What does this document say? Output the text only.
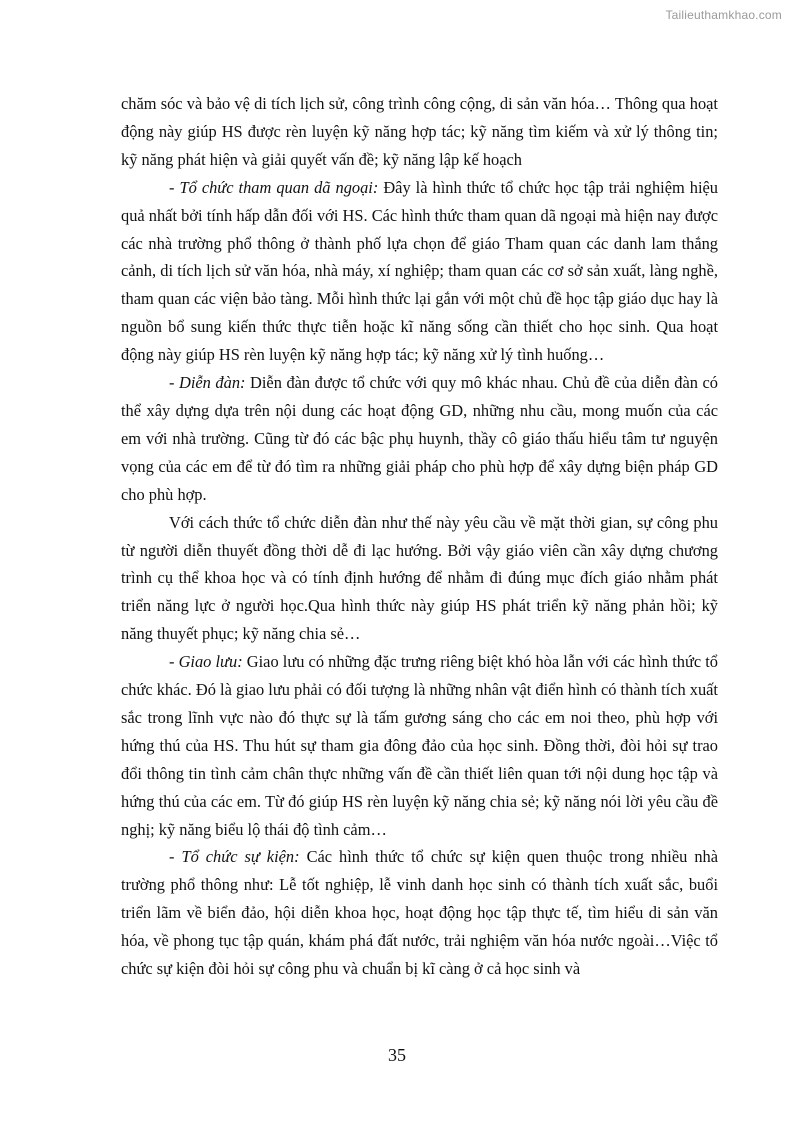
Tailieuthamkhao.com

chăm sóc và bảo vệ di tích lịch sử, công trình công cộng, di sản văn hóa… Thông qua hoạt động này giúp HS được rèn luyện kỹ năng hợp tác; kỹ năng tìm kiếm và xử lý thông tin; kỹ năng phát hiện và giải quyết vấn đề; kỹ năng lập kế hoạch

- Tổ chức tham quan dã ngoại: Đây là hình thức tổ chức học tập trải nghiệm hiệu quả nhất bởi tính hấp dẫn đối với HS. Các hình thức tham quan dã ngoại mà hiện nay được các nhà trường phổ thông ở thành phố lựa chọn để giáo Tham quan các danh lam thắng cảnh, di tích lịch sử văn hóa, nhà máy, xí nghiệp; tham quan các cơ sở sản xuất, làng nghề, tham quan các viện bảo tàng. Mỗi hình thức lại gắn với một chủ đề học tập giáo dục hay là nguồn bổ sung kiến thức thực tiễn hoặc kĩ năng sống cần thiết cho học sinh. Qua hoạt động này giúp HS rèn luyện kỹ năng hợp tác; kỹ năng xử lý tình huống…

- Diễn đàn: Diễn đàn được tổ chức với quy mô khác nhau. Chủ đề của diễn đàn có thể xây dựng dựa trên nội dung các hoạt động GD, những nhu cầu, mong muốn của các em với nhà trường. Cũng từ đó các bậc phụ huynh, thầy cô giáo thấu hiểu tâm tư nguyện vọng của các em để từ đó tìm ra những giải pháp cho phù hợp để xây dựng biện pháp GD cho phù hợp.

Với cách thức tổ chức diễn đàn như thế này yêu cầu về mặt thời gian, sự công phu từ người diễn thuyết đồng thời dễ đi lạc hướng. Bởi vậy giáo viên cần xây dựng chương trình cụ thể khoa học và có tính định hướng để nhằm đi đúng mục đích giáo nhằm phát triển năng lực ở người học.Qua hình thức này giúp HS phát triển kỹ năng phản hồi; kỹ năng thuyết phục; kỹ năng chia sẻ…

- Giao lưu: Giao lưu có những đặc trưng riêng biệt khó hòa lẫn với các hình thức tổ chức khác. Đó là giao lưu phải có đối tượng là những nhân vật điển hình có thành tích xuất sắc trong lĩnh vực nào đó thực sự là tấm gương sáng cho các em noi theo, phù hợp với hứng thú của HS. Thu hút sự tham gia đông đảo của học sinh. Đồng thời, đòi hỏi sự trao đổi thông tin tình cảm chân thực những vấn đề cần thiết liên quan tới nội dung học tập và hứng thú của các em. Từ đó giúp HS rèn luyện kỹ năng chia sẻ; kỹ năng nói lời yêu cầu đề nghị; kỹ năng biểu lộ thái độ tình cảm…

- Tổ chức sự kiện: Các hình thức tổ chức sự kiện quen thuộc trong nhiều nhà trường phổ thông như: Lễ tốt nghiệp, lễ vinh danh học sinh có thành tích xuất sắc, buổi triển lãm về biển đảo, hội diễn khoa học, hoạt động học tập thực tế, tìm hiểu di sản văn hóa, về phong tục tập quán, khám phá đất nước, trải nghiệm văn hóa nước ngoài…Việc tổ chức sự kiện đòi hỏi sự công phu và chuẩn bị kĩ càng ở cả học sinh và

35
